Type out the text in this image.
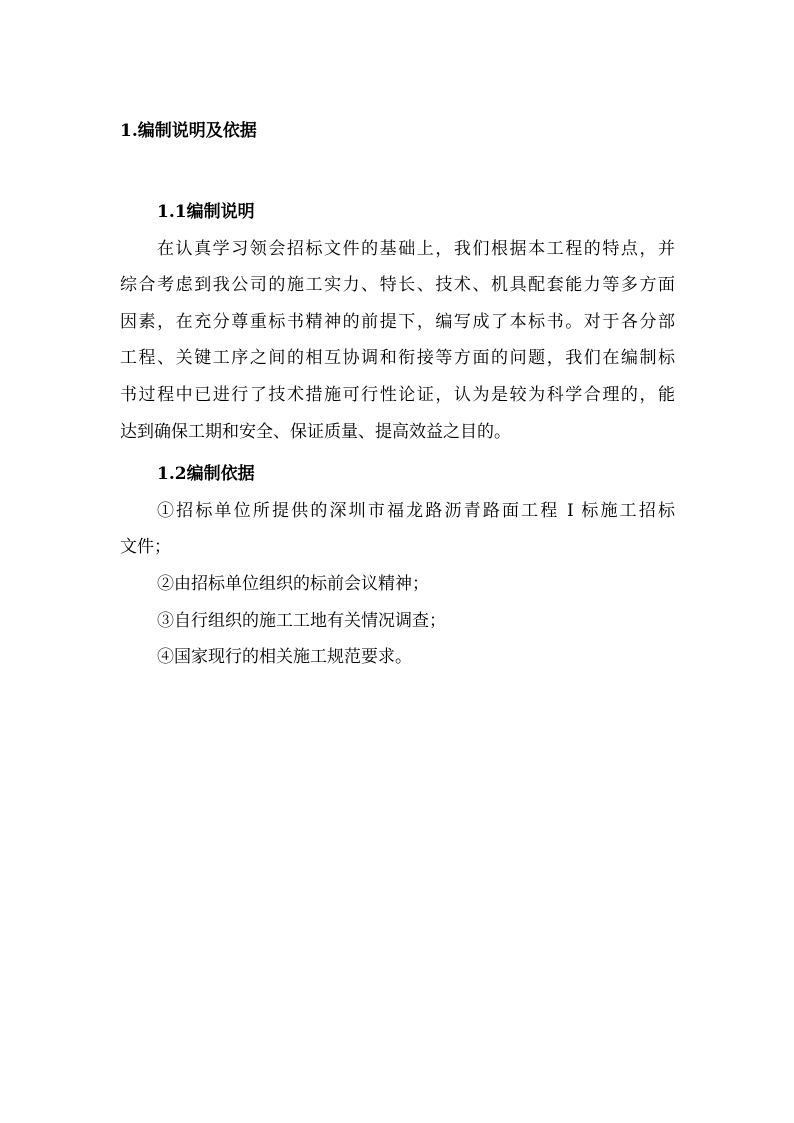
1.编制说明及依据
1.1编制说明
在认真学习领会招标文件的基础上，我们根据本工程的特点，并
综合考虑到我公司的施工实力、特长、技术、机具配套能力等多方面
因素，在充分尊重标书精神的前提下，编写成了本标书。对于各分部
工程、关键工序之间的相互协调和衔接等方面的问题，我们在编制标
书过程中已进行了技术措施可行性论证，认为是较为科学合理的，能
达到确保工期和安全、保证质量、提高效益之目的。
1.2编制依据
①招标单位所提供的深圳市福龙路沥青路面工程 I 标施工招标
文件；
②由招标单位组织的标前会议精神；
③自行组织的施工工地有关情况调查；
④国家现行的相关施工规范要求。
